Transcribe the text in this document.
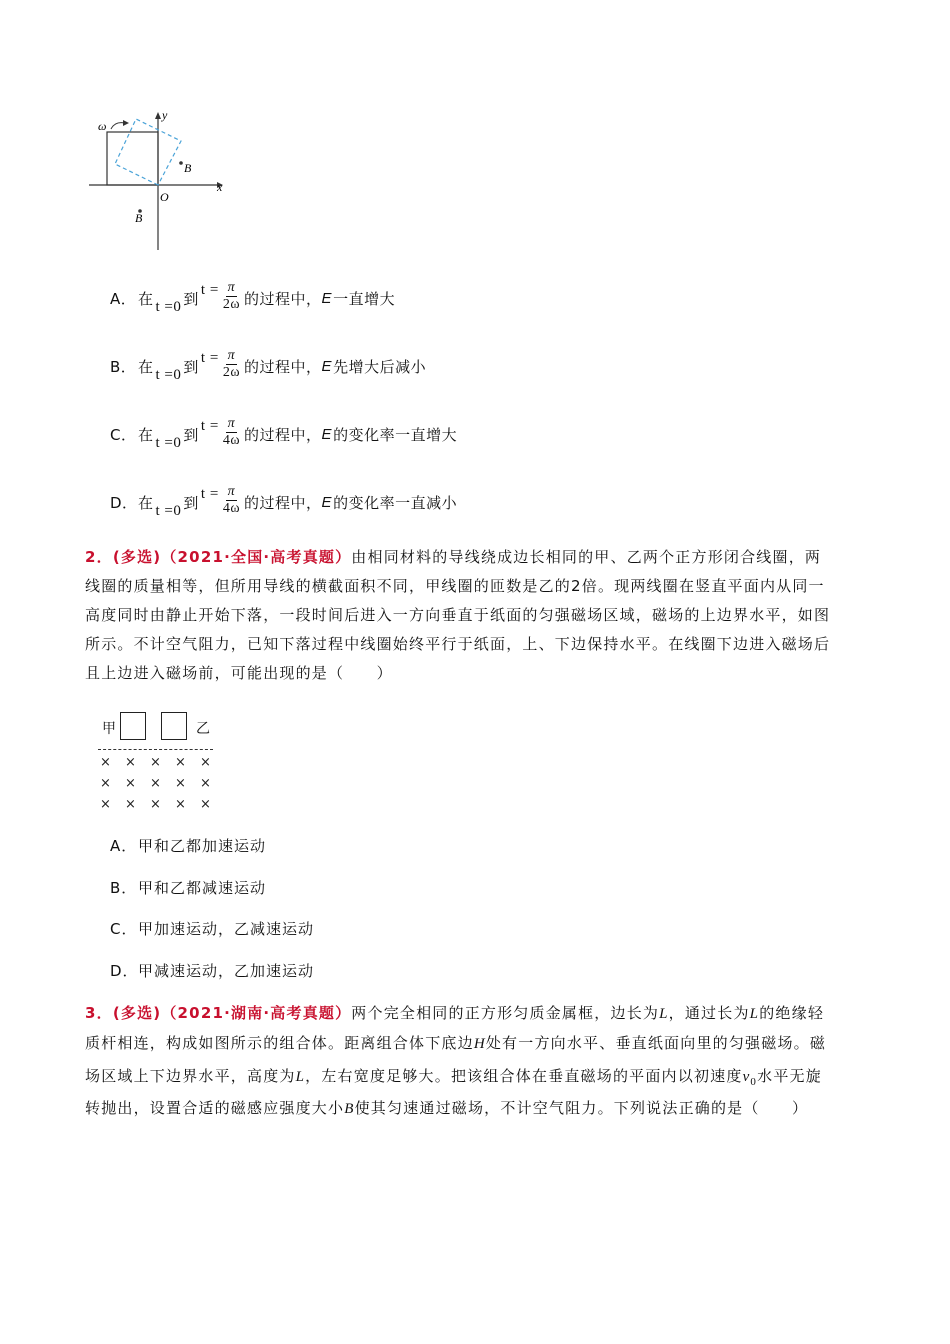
ω
y
x
O
B
B
A． 在 t =0 到 $t = \frac{\pi}{2\omega}$ 的过程中， E 一直增大
B． 在 t =0 到 $t = \frac{\pi}{2\omega}$ 的过程中， E 先增大后减小
C． 在 t =0 到 $t = \frac{\pi}{4\omega}$ 的过程中， E 的变化率一直增大
D． 在 t =0 到 $t = \frac{\pi}{4\omega}$ 的过程中， E 的变化率一直减小
2．(多选)（2021·全国·高考真题）由相同材料的导线绕成边长相同的甲、乙两个正方形闭合线圈，两
线圈的质量相等，但所用导线的横截面积不同，甲线圈的匝数是乙的2倍。现两线圈在竖直平面内从同一
高度同时由静止开始下落，一段时间后进入一方向垂直于纸面的匀强磁场区域，磁场的上边界水平，如图
所示。不计空气阻力，已知下落过程中线圈始终平行于纸面，上、下边保持水平。在线圈下边进入磁场后
且上边进入磁场前，可能出现的是（　　）
甲	乙
× × × × ×
× × × × ×
× × × × ×
A．甲和乙都加速运动
B．甲和乙都减速运动
C．甲加速运动，乙减速运动
D．甲减速运动，乙加速运动
3．(多选)（2021·湖南·高考真题）两个完全相同的正方形匀质金属框，边长为L，通过长为L的绝缘轻
质杆相连，构成如图所示的组合体。距离组合体下底边H处有一方向水平、垂直纸面向里的匀强磁场。磁
场区域上下边界水平，高度为L，左右宽度足够大。把该组合体在垂直磁场的平面内以初速度$v_0$水平无旋
转抛出，设置合适的磁感应强度大小B使其匀速通过磁场，不计空气阻力。下列说法正确的是（　　）
